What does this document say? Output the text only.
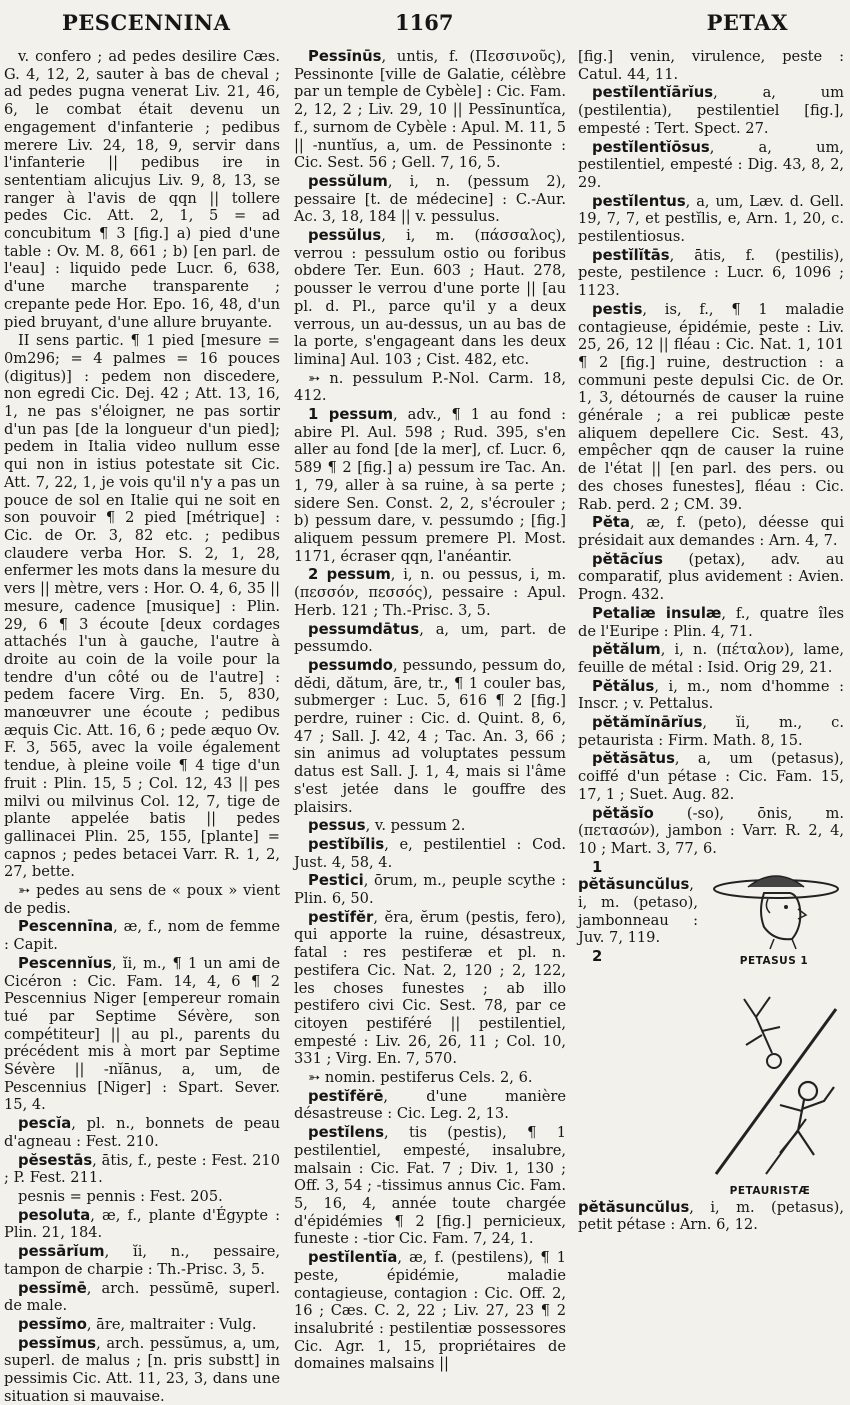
PESCENNINA	1167	PETAX

v. confero ; ad pedes desilire Cæs. G. 4, 12, 2, sauter à bas de cheval ; ad pedes pugna venerat Liv. 21, 46, 6, le combat était devenu un engagement d'infanterie ; pedibus merere Liv. 24, 18, 9, servir dans l'infanterie || pedibus ire in sententiam alicujus Liv. 9, 8, 13, se ranger à l'avis de qqn || tollere pedes Cic. Att. 2, 1, 5 = ad concubitum ¶ 3 [fig.] a) pied d'une table : Ov. M. 8, 661 ; b) [en parl. de l'eau] : liquido pede Lucr. 6, 638, d'une marche transparente ; crepante pede Hor. Epo. 16, 48, d'un pied bruyant, d'une allure bruyante.

II sens partic. ¶ 1 pied [mesure = 0m296; = 4 palmes = 16 pouces (digitus)] : pedem non discedere, non egredi Cic. Dej. 42 ; Att. 13, 16, 1, ne pas s'éloigner, ne pas sortir d'un pas [de la longueur d'un pied]; pedem in Italia video nullum esse qui non in istius potestate sit Cic. Att. 7, 22, 1, je vois qu'il n'y a pas un pouce de sol en Italie qui ne soit en son pouvoir ¶ 2 pied [métrique] : Cic. de Or. 3, 82 etc. ; pedibus claudere verba Hor. S. 2, 1, 28, enfermer les mots dans la mesure du vers || mètre, vers : Hor. O. 4, 6, 35 || mesure, cadence [musique] : Plin. 29, 6 ¶ 3 écoute [deux cordages attachés l'un à gauche, l'autre à droite au coin de la voile pour la tendre d'un côté ou de l'autre] : pedem facere Virg. En. 5, 830, manœuvrer une écoute ; pedibus æquis Cic. Att. 16, 6 ; pede æquo Ov. F. 3, 565, avec la voile également tendue, à pleine voile ¶ 4 tige d'un fruit : Plin. 15, 5 ; Col. 12, 43 || pes milvi ou milvinus Col. 12, 7, tige de plante appelée batis || pedes gallinacei Plin. 25, 155, [plante] = capnos ; pedes betacei Varr. R. 1, 2, 27, bette.

➳ pedes au sens de « poux » vient de pedis.

Pescennīna, æ, f., nom de femme : Capit.

Pescennĭus, ĭi, m., ¶ 1 un ami de Cicéron : Cic. Fam. 14, 4, 6 ¶ 2 Pescennius Niger [empereur romain tué par Septime Sévère, son compétiteur] || au pl., parents du précédent mis à mort par Septime Sévère || -nĭānus, a, um, de Pescennius [Niger] : Spart. Sever. 15, 4.

pescĭa, pl. n., bonnets de peau d'agneau : Fest. 210.

pĕsestās, ātis, f., peste : Fest. 210 ; P. Fest. 211.

pesnis = pennis : Fest. 205.

pesoluta, æ, f., plante d'Égypte : Plin. 21, 184.

pessārĭum, ĭi, n., pessaire, tampon de charpie : Th.-Prisc. 3, 5.

pessĭmē, arch. pessŭmē, superl. de male.

pessĭmo, āre, maltraiter : Vulg.

pessĭmus, arch. pessŭmus, a, um, superl. de malus ; [n. pris substt] in pessimis Cic. Att. 11, 23, 3, dans une situation si mauvaise.

Pessīnūs, untis, f. (Πεσσινοῦς), Pessinonte [ville de Galatie, célèbre par un temple de Cybèle] : Cic. Fam. 2, 12, 2 ; Liv. 29, 10 || Pessīnuntĭca, f., surnom de Cybèle : Apul. M. 11, 5 || -nuntĭus, a, um. de Pessinonte : Cic. Sest. 56 ; Gell. 7, 16, 5.

pessŭlum, i, n. (pessum 2), pessaire [t. de médecine] : C.-Aur. Ac. 3, 18, 184 || v. pessulus.

pessŭlus, i, m. (πάσσαλος), verrou : pessulum ostio ou foribus obdere Ter. Eun. 603 ; Haut. 278, pousser le verrou d'une porte || [au pl. d. Pl., parce qu'il y a deux verrous, un au-dessus, un au bas de la porte, s'engageant dans les deux limina] Aul. 103 ; Cist. 482, etc.

➳ n. pessulum P.-Nol. Carm. 18, 412.

1 pessum, adv., ¶ 1 au fond : abire Pl. Aul. 598 ; Rud. 395, s'en aller au fond [de la mer], cf. Lucr. 6, 589 ¶ 2 [fig.] a) pessum ire Tac. An. 1, 79, aller à sa ruine, à sa perte ; sidere Sen. Const. 2, 2, s'écrouler ; b) pessum dare, v. pessumdo ; [fig.] aliquem pessum premere Pl. Most. 1171, écraser qqn, l'anéantir.

2 pessum, i, n. ou pessus, i, m. (πεσσόν, πεσσός), pessaire : Apul. Herb. 121 ; Th.-Prisc. 3, 5.

pessumdātus, a, um, part. de pessumdo.

pessumdo, pessundo, pessum do, dĕdi, dătum, āre, tr., ¶ 1 couler bas, submerger : Luc. 5, 616 ¶ 2 [fig.] perdre, ruiner : Cic. d. Quint. 8, 6, 47 ; Sall. J. 42, 4 ; Tac. An. 3, 66 ; sin animus ad voluptates pessum datus est Sall. J. 1, 4, mais si l'âme s'est jetée dans le gouffre des plaisirs.

pessus, v. pessum 2.

pestĭbĭlis, e, pestilentiel : Cod. Just. 4, 58, 4.

Pestici, ōrum, m., peuple scythe : Plin. 6, 50.

pestĭfĕr, ĕra, ĕrum (pestis, fero), qui apporte la ruine, désastreux, fatal : res pestiferæ et pl. n. pestifera Cic. Nat. 2, 120 ; 2, 122, les choses funestes ; ab illo pestifero civi Cic. Sest. 78, par ce citoyen pestiféré || pestilentiel, empesté : Liv. 26, 26, 11 ; Col. 10, 331 ; Virg. En. 7, 570.

➳ nomin. pestiferus Cels. 2, 6.

pestĭfĕrē, d'une manière désastreuse : Cic. Leg. 2, 13.

pestĭlens, tis (pestis), ¶ 1 pestilentiel, empesté, insalubre, malsain : Cic. Fat. 7 ; Div. 1, 130 ; Off. 3, 54 ; -tissimus annus Cic. Fam. 5, 16, 4, année toute chargée d'épidémies ¶ 2 [fig.] pernicieux, funeste : -tior Cic. Fam. 7, 24, 1.

pestĭlentĭa, æ, f. (pestilens), ¶ 1 peste, épidémie, maladie contagieuse, contagion : Cic. Off. 2, 16 ; Cæs. C. 2, 22 ; Liv. 27, 23 ¶ 2 insalubrité : pestilentiæ possessores Cic. Agr. 1, 15, propriétaires de domaines malsains ||

[fig.] venin, virulence, peste : Catul. 44, 11.

pestĭlentĭārĭus, a, um (pestilentia), pestilentiel [fig.], empesté : Tert. Spect. 27.

pestĭlentĭōsus, a, um, pestilentiel, empesté : Dig. 43, 8, 2, 29.

pestĭlentus, a, um, Læv. d. Gell. 19, 7, 7, et pestĭlis, e, Arn. 1, 20, c. pestilentiosus.

pestĭlĭtās, ātis, f. (pestilis), peste, pestilence : Lucr. 6, 1096 ; 1123.

pestis, is, f., ¶ 1 maladie contagieuse, épidémie, peste : Liv. 25, 26, 12 || fléau : Cic. Nat. 1, 101 ¶ 2 [fig.] ruine, destruction : a communi peste depulsi Cic. de Or. 1, 3, détournés de causer la ruine générale ; a rei publicæ peste aliquem depellere Cic. Sest. 43, empêcher qqn de causer la ruine de l'état || [en parl. des pers. ou des choses funestes], fléau : Cic. Rab. perd. 2 ; CM. 39.

Pĕta, æ, f. (peto), déesse qui présidait aux demandes : Arn. 4, 7.

pĕtācĭus (petax), adv. au comparatif, plus avidement : Avien. Progn. 432.

Petaliæ insulæ, f., quatre îles de l'Euripe : Plin. 4, 71.

pĕtălum, i, n. (πέταλον), lame, feuille de métal : Isid. Orig 29, 21.

Pĕtălus, i, m., nom d'homme : Inscr. ; v. Pettalus.

pĕtămĭnārĭus, ĭi, m., c. petaurista : Firm. Math. 8, 15.

pĕtăsātus, a, um (petasus), coiffé d'un pétase : Cic. Fam. 15, 17, 1 ; Suet. Aug. 82.

pĕtăsĭo (-so), ōnis, m. (πετασών), jambon : Varr. R. 2, 4, 10 ; Mart. 3, 77, 6.

PETASUS 1

1 pĕtăsuncŭlus, i, m. (petaso), jambonneau : Juv. 7, 119.

PETAURISTÆ

2 pĕtăsuncŭlus, i, m. (petasus), petit pétase : Arn. 6, 12.
